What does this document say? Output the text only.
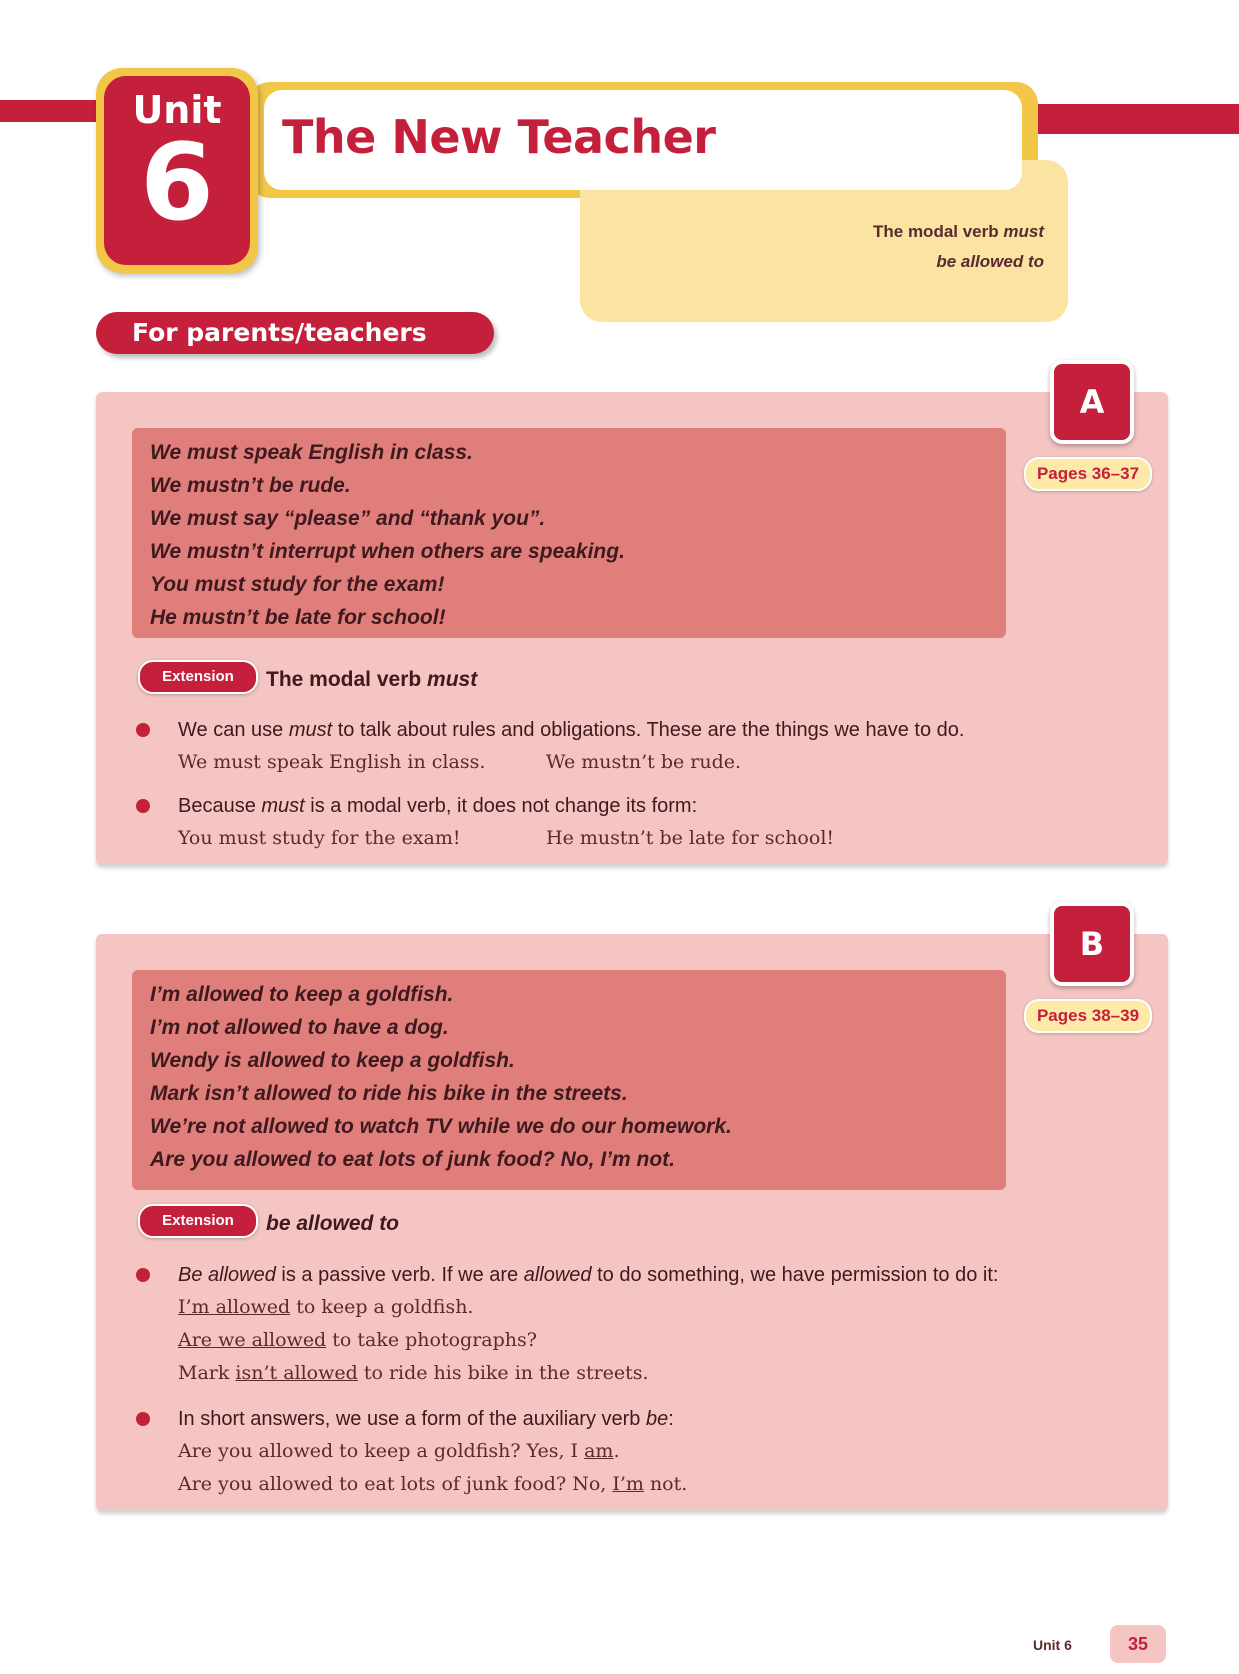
The New Teacher
The modal verb must
be allowed to
Unit
6
For parents/teachers
We must speak English in class.
We mustn’t be rude.
We must say “please” and “thank you”.
We mustn’t interrupt when others are speaking.
You must study for the exam!
He mustn’t be late for school!
Extension	The modal verb must
We can use must to talk about rules and obligations. These are the things we have to do.
We must speak English in class.	We mustn’t be rude.
Because must is a modal verb, it does not change its form:
You must study for the exam!	He mustn’t be late for school!
A
Pages 36–37
I’m allowed to keep a goldfish.
I’m not allowed to have a dog.
Wendy is allowed to keep a goldfish.
Mark isn’t allowed to ride his bike in the streets.
We’re not allowed to watch TV while we do our homework.
Are you allowed to eat lots of junk food? No, I’m not.
Extension	be allowed to
Be allowed is a passive verb. If we are allowed to do something, we have permission to do it:
I’m allowed to keep a goldfish.
Are we allowed to take photographs?
Mark isn’t allowed to ride his bike in the streets.
In short answers, we use a form of the auxiliary verb be:
Are you allowed to keep a goldfish? Yes, I am.
Are you allowed to eat lots of junk food? No, I’m not.
B
Pages 38–39
Unit 6	35
